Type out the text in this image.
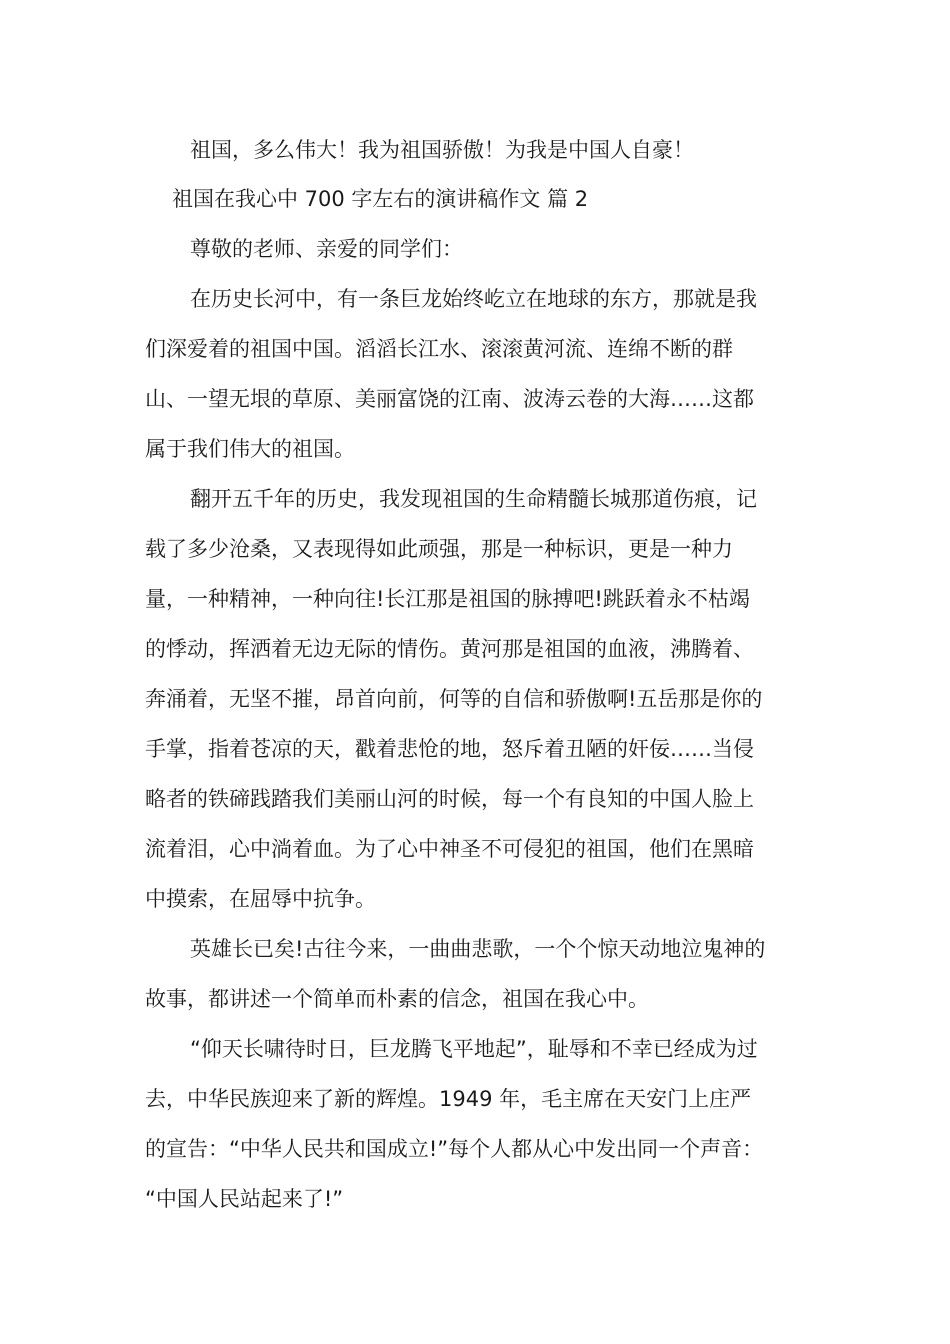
祖国，多么伟大！我为祖国骄傲！为我是中国人自豪！
祖国在我心中 700 字左右的演讲稿作文 篇 2
尊敬的老师、亲爱的同学们：
在历史长河中，有一条巨龙始终屹立在地球的东方，那就是我
们深爱着的祖国中国。滔滔长江水、滚滚黄河流、连绵不断的群
山、一望无垠的草原、美丽富饶的江南、波涛云卷的大海……这都
属于我们伟大的祖国。
翻开五千年的历史，我发现祖国的生命精髓长城那道伤痕，记
载了多少沧桑，又表现得如此顽强，那是一种标识，更是一种力
量，一种精神，一种向往!长江那是祖国的脉搏吧!跳跃着永不枯竭
的悸动，挥洒着无边无际的情伤。黄河那是祖国的血液，沸腾着、
奔涌着，无坚不摧，昂首向前，何等的自信和骄傲啊!五岳那是你的
手掌，指着苍凉的天，戳着悲怆的地，怒斥着丑陋的奸佞……当侵
略者的铁碲践踏我们美丽山河的时候，每一个有良知的中国人脸上
流着泪，心中淌着血。为了心中神圣不可侵犯的祖国，他们在黑暗
中摸索，在屈辱中抗争。
英雄长已矣!古往今来，一曲曲悲歌，一个个惊天动地泣鬼神的
故事，都讲述一个简单而朴素的信念，祖国在我心中。
“仰天长啸待时日，巨龙腾飞平地起”，耻辱和不幸已经成为过
去，中华民族迎来了新的辉煌。1949 年，毛主席在天安门上庄严
的宣告：“中华人民共和国成立!”每个人都从心中发出同一个声音：
“中国人民站起来了!”
